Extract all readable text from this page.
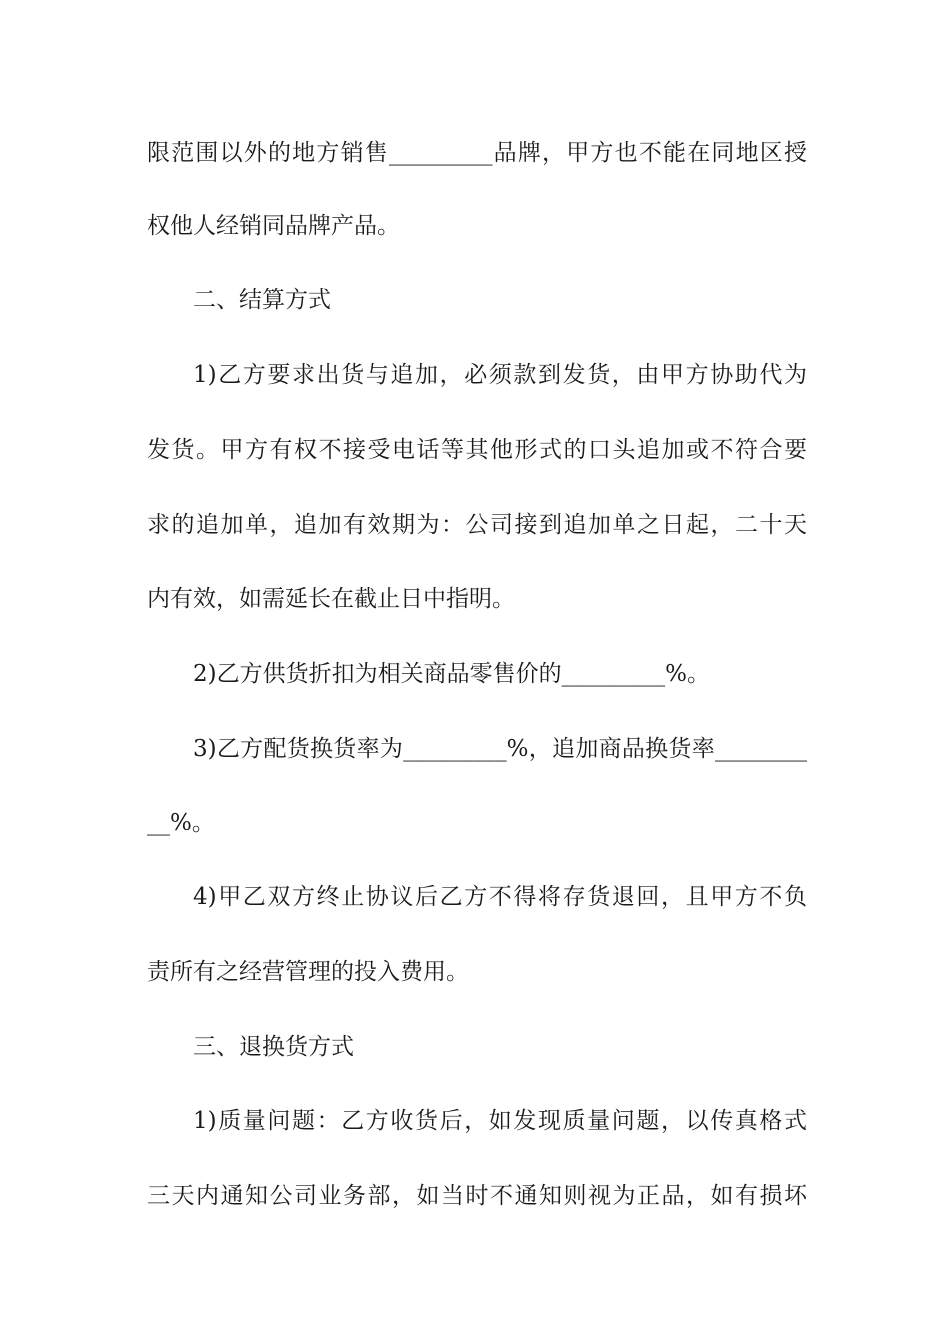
限范围以外的地方销售_________品牌，甲方也不能在同地区授
权他人经销同品牌产品。
二、结算方式
1)乙方要求出货与追加，必须款到发货，由甲方协助代为
发货。甲方有权不接受电话等其他形式的口头追加或不符合要
求的追加单，追加有效期为：公司接到追加单之日起，二十天
内有效，如需延长在截止日中指明。
2)乙方供货折扣为相关商品零售价的_________%。
3)乙方配货换货率为_________%，追加商品换货率________
__%。
4)甲乙双方终止协议后乙方不得将存货退回，且甲方不负
责所有之经营管理的投入费用。
三、退换货方式
1)质量问题：乙方收货后，如发现质量问题，以传真格式
三天内通知公司业务部，如当时不通知则视为正品，如有损坏
